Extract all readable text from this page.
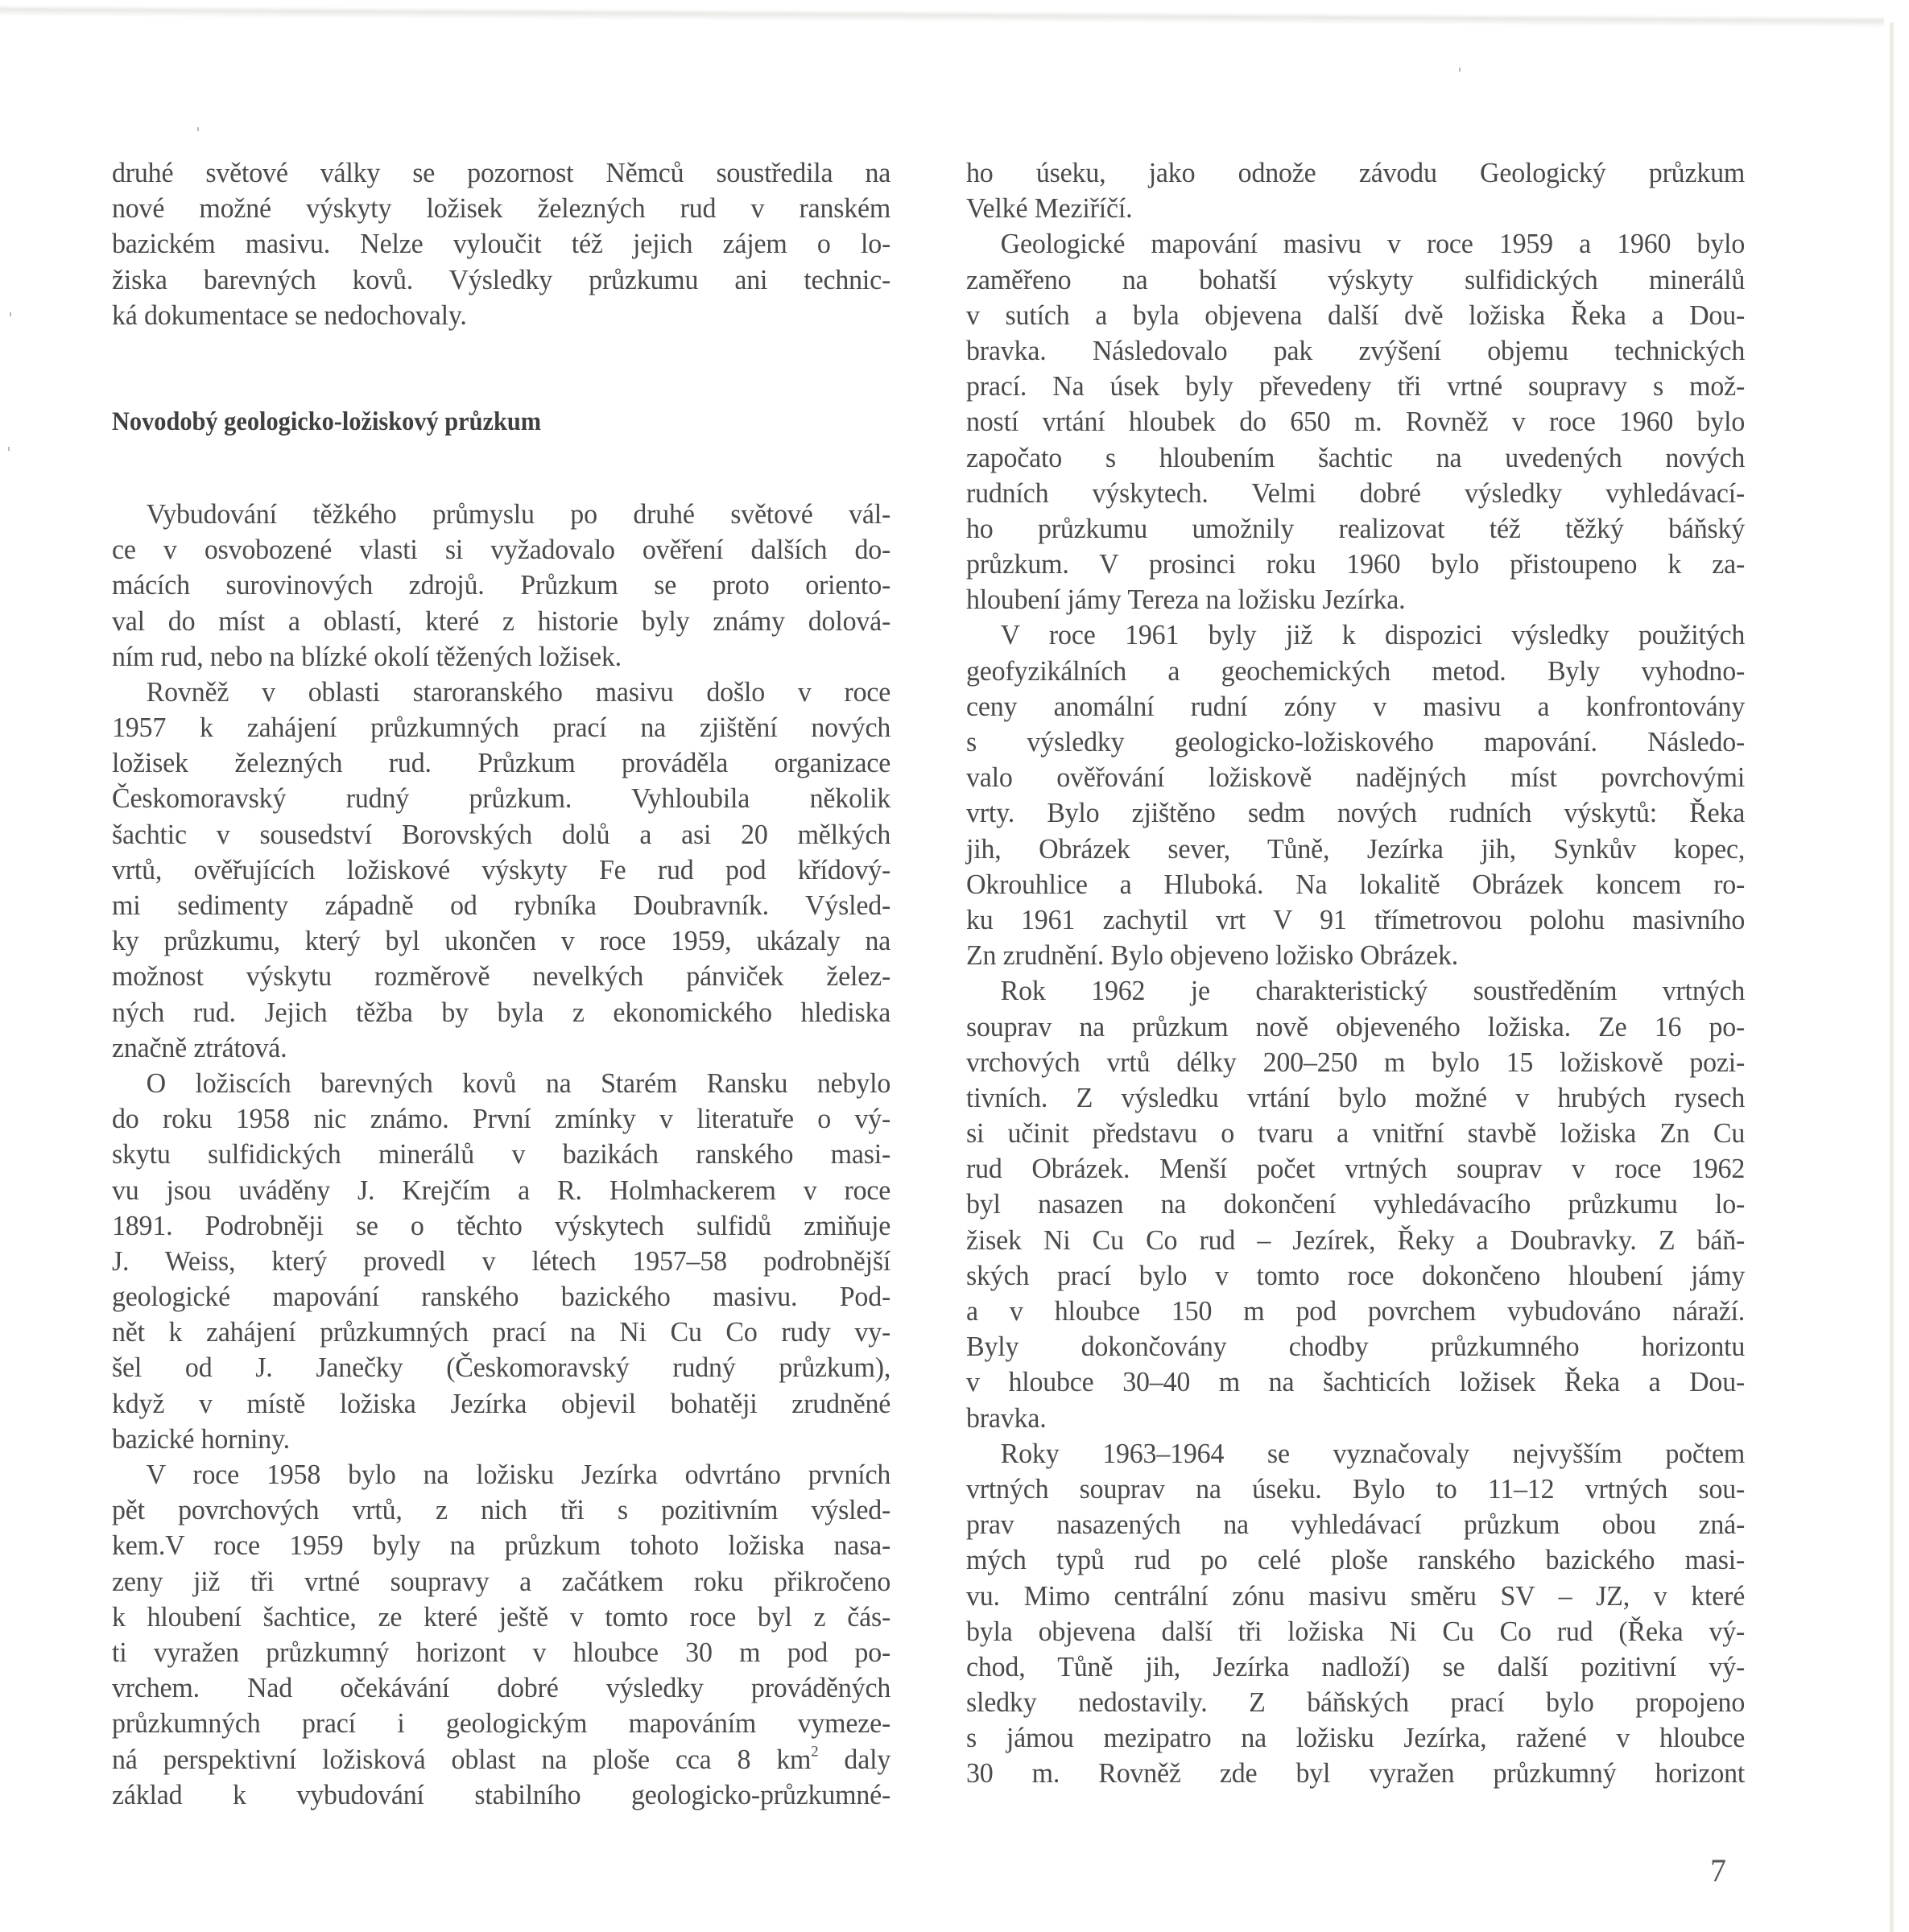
druhé světové války se pozornost Němců soustředila na
nové možné výskyty ložisek železných rud v ranském
bazickém masivu. Nelze vyloučit též jejich zájem o lo-
žiska barevných kovů. Výsledky průzkumu ani technic-
ká dokumentace se nedochovaly.
Novodobý geologicko-ložiskový průzkum
Vybudování těžkého průmyslu po druhé světové vál-
ce v osvobozené vlasti si vyžadovalo ověření dalších do-
mácích surovinových zdrojů. Průzkum se proto oriento-
val do míst a oblastí, které z historie byly známy dolová-
ním rud, nebo na blízké okolí těžených ložisek.
Rovněž v oblasti staroranského masivu došlo v roce
1957 k zahájení průzkumných prací na zjištění nových
ložisek železných rud. Průzkum prováděla organizace
Českomoravský rudný průzkum. Vyhloubila několik
šachtic v sousedství Borovských dolů a asi 20 mělkých
vrtů, ověřujících ložiskové výskyty Fe rud pod křídový-
mi sedimenty západně od rybníka Doubravník. Výsled-
ky průzkumu, který byl ukončen v roce 1959, ukázaly na
možnost výskytu rozměrově nevelkých pánviček želez-
ných rud. Jejich těžba by byla z ekonomického hlediska
značně ztrátová.
O ložiscích barevných kovů na Starém Ransku nebylo
do roku 1958 nic známo. První zmínky v literatuře o vý-
skytu sulfidických minerálů v bazikách ranského masi-
vu jsou uváděny J. Krejčím a R. Holmhackerem v roce
1891. Podrobněji se o těchto výskytech sulfidů zmiňuje
J. Weiss, který provedl v létech 1957–58 podrobnější
geologické mapování ranského bazického masivu. Pod-
nět k zahájení průzkumných prací na Ni Cu Co rudy vy-
šel od J. Janečky (Českomoravský rudný průzkum),
když v místě ložiska Jezírka objevil bohatěji zrudněné
bazické horniny.
V roce 1958 bylo na ložisku Jezírka odvrtáno prvních
pět povrchových vrtů, z nich tři s pozitivním výsled-
kem.V roce 1959 byly na průzkum tohoto ložiska nasa-
zeny již tři vrtné soupravy a začátkem roku přikročeno
k hloubení šachtice, ze které ještě v tomto roce byl z čás-
ti vyražen průzkumný horizont v hloubce 30 m pod po-
vrchem. Nad očekávání dobré výsledky prováděných
průzkumných prací i geologickým mapováním vymeze-
ná perspektivní ložisková oblast na ploše cca 8 $km^2$ daly
základ k vybudování stabilního geologicko-průzkumné-
ho úseku, jako odnože závodu Geologický průzkum
Velké Meziříčí.
Geologické mapování masivu v roce 1959 a 1960 bylo
zaměřeno na bohatší výskyty sulfidických minerálů
v sutích a byla objevena další dvě ložiska Řeka a Dou-
bravka. Následovalo pak zvýšení objemu technických
prací. Na úsek byly převedeny tři vrtné soupravy s mož-
ností vrtání hloubek do 650 m. Rovněž v roce 1960 bylo
započato s hloubením šachtic na uvedených nových
rudních výskytech. Velmi dobré výsledky vyhledávací-
ho průzkumu umožnily realizovat též těžký báňský
průzkum. V prosinci roku 1960 bylo přistoupeno k za-
hloubení jámy Tereza na ložisku Jezírka.
V roce 1961 byly již k dispozici výsledky použitých
geofyzikálních a geochemických metod. Byly vyhodno-
ceny anomální rudní zóny v masivu a konfrontovány
s výsledky geologicko-ložiskového mapování. Následo-
valo ověřování ložiskově nadějných míst povrchovými
vrty. Bylo zjištěno sedm nových rudních výskytů: Řeka
jih, Obrázek sever, Tůně, Jezírka jih, Synkův kopec,
Okrouhlice a Hluboká. Na lokalitě Obrázek koncem ro-
ku 1961 zachytil vrt V 91 třímetrovou polohu masivního
Zn zrudnění. Bylo objeveno ložisko Obrázek.
Rok 1962 je charakteristický soustředěním vrtných
souprav na průzkum nově objeveného ložiska. Ze 16 po-
vrchových vrtů délky 200–250 m bylo 15 ložiskově pozi-
tivních. Z výsledku vrtání bylo možné v hrubých rysech
si učinit představu o tvaru a vnitřní stavbě ložiska Zn Cu
rud Obrázek. Menší počet vrtných souprav v roce 1962
byl nasazen na dokončení vyhledávacího průzkumu lo-
žisek Ni Cu Co rud – Jezírek, Řeky a Doubravky. Z báň-
ských prací bylo v tomto roce dokončeno hloubení jámy
a v hloubce 150 m pod povrchem vybudováno náraží.
Byly dokončovány chodby průzkumného horizontu
v hloubce 30–40 m na šachticích ložisek Řeka a Dou-
bravka.
Roky 1963–1964 se vyznačovaly nejvyšším počtem
vrtných souprav na úseku. Bylo to 11–12 vrtných sou-
prav nasazených na vyhledávací průzkum obou zná-
mých typů rud po celé ploše ranského bazického masi-
vu. Mimo centrální zónu masivu směru SV – JZ, v které
byla objevena další tři ložiska Ni Cu Co rud (Řeka vý-
chod, Tůně jih, Jezírka nadloží) se další pozitivní vý-
sledky nedostavily. Z báňských prací bylo propojeno
s jámou mezipatro na ložisku Jezírka, ražené v hloubce
30 m. Rovněž zde byl vyražen průzkumný horizont
7
